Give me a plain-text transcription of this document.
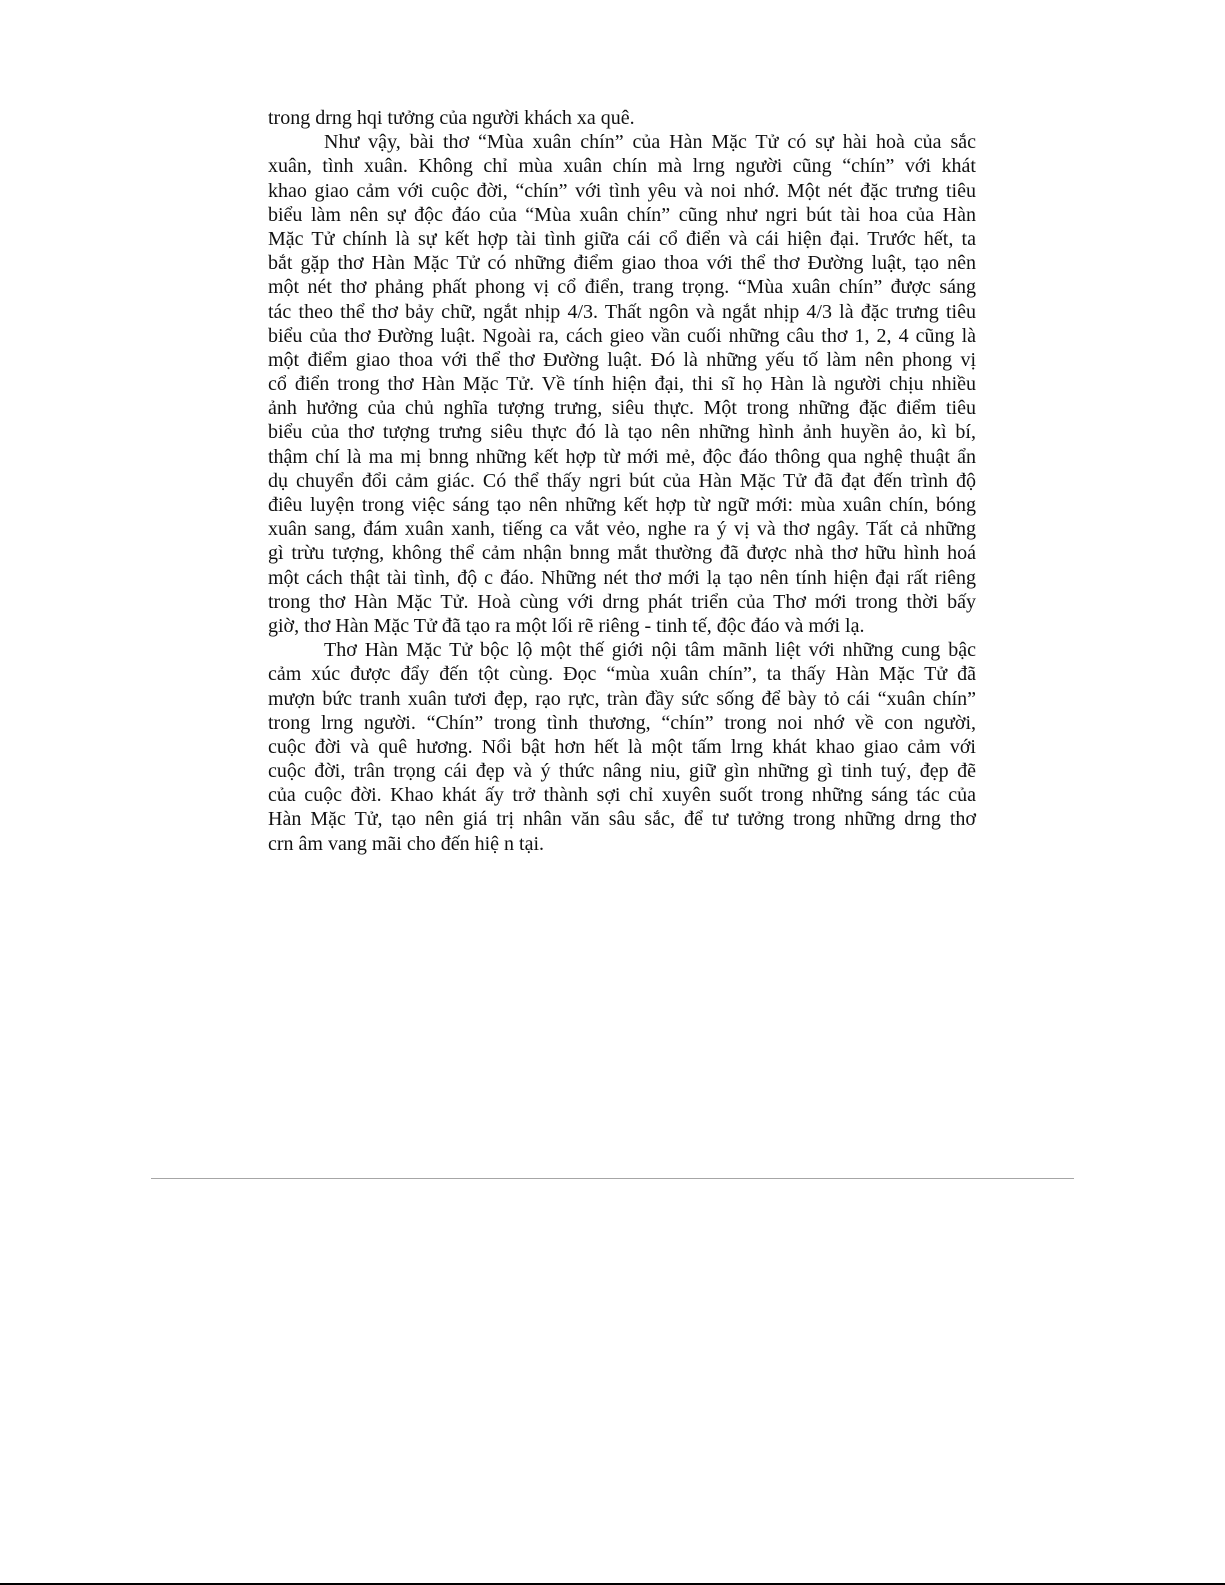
trong drng hqi tưởng của người khách xa quê.
Như vậy, bài thơ “Mùa xuân chín” của Hàn Mặc Tử có sự hài hoà của sắc
xuân, tình xuân. Không chỉ mùa xuân chín mà lrng người cũng “chín” với khát
khao giao cảm với cuộc đời, “chín” với tình yêu và noi nhớ. Một nét đặc trưng tiêu
biểu làm nên sự độc đáo của “Mùa xuân chín” cũng như ngri bút tài hoa của Hàn
Mặc Tử chính là sự kết hợp tài tình giữa cái cổ điển và cái hiện đại. Trước hết, ta
bắt gặp thơ Hàn Mặc Tử có những điểm giao thoa với thể thơ Đường luật, tạo nên
một nét thơ phảng phất phong vị cổ điển, trang trọng. “Mùa xuân chín” được sáng
tác theo thể thơ bảy chữ, ngắt nhịp 4/3. Thất ngôn và ngắt nhịp 4/3 là đặc trưng tiêu
biểu của thơ Đường luật. Ngoài ra, cách gieo vần cuối những câu thơ 1, 2, 4 cũng là
một điểm giao thoa với thể thơ Đường luật. Đó là những yếu tố làm nên phong vị
cổ điển trong thơ Hàn Mặc Tử. Về tính hiện đại, thi sĩ họ Hàn là người chịu nhiều
ảnh hưởng của chủ nghĩa tượng trưng, siêu thực. Một trong những đặc điểm tiêu
biểu của thơ tượng trưng siêu thực đó là tạo nên những hình ảnh huyền ảo, kì bí,
thậm chí là ma mị bnng những kết hợp từ mới mẻ, độc đáo thông qua nghệ thuật ẩn
dụ chuyển đổi cảm giác. Có thể thấy ngri bút của Hàn Mặc Tử đã đạt đến trình độ
điêu luyện trong việc sáng tạo nên những kết hợp từ ngữ mới: mùa xuân chín, bóng
xuân sang, đám xuân xanh, tiếng ca vắt vẻo, nghe ra ý vị và thơ ngây. Tất cả những
gì trừu tượng, không thể cảm nhận bnng mắt thường đã được nhà thơ hữu hình hoá
một cách thật tài tình, độ c đáo. Những nét thơ mới lạ tạo nên tính hiện đại rất riêng
trong thơ Hàn Mặc Tử. Hoà cùng với drng phát triển của Thơ mới trong thời bấy
giờ, thơ Hàn Mặc Tử đã tạo ra một lối rẽ riêng - tinh tế, độc đáo và mới lạ.
Thơ Hàn Mặc Tử bộc lộ một thế giới nội tâm mãnh liệt với những cung bậc
cảm xúc được đẩy đến tột cùng. Đọc “mùa xuân chín”, ta thấy Hàn Mặc Tử đã
mượn bức tranh xuân tươi đẹp, rạo rực, tràn đầy sức sống để bày tỏ cái “xuân chín”
trong lrng người. “Chín” trong tình thương, “chín” trong noi nhớ về con người,
cuộc đời và quê hương. Nổi bật hơn hết là một tấm lrng khát khao giao cảm với
cuộc đời, trân trọng cái đẹp và ý thức nâng niu, giữ gìn những gì tinh tuý, đẹp đẽ
của cuộc đời. Khao khát ấy trở thành sợi chỉ xuyên suốt trong những sáng tác của
Hàn Mặc Tử, tạo nên giá trị nhân văn sâu sắc, để tư tưởng trong những drng thơ
crn âm vang mãi cho đến hiệ n tại.
